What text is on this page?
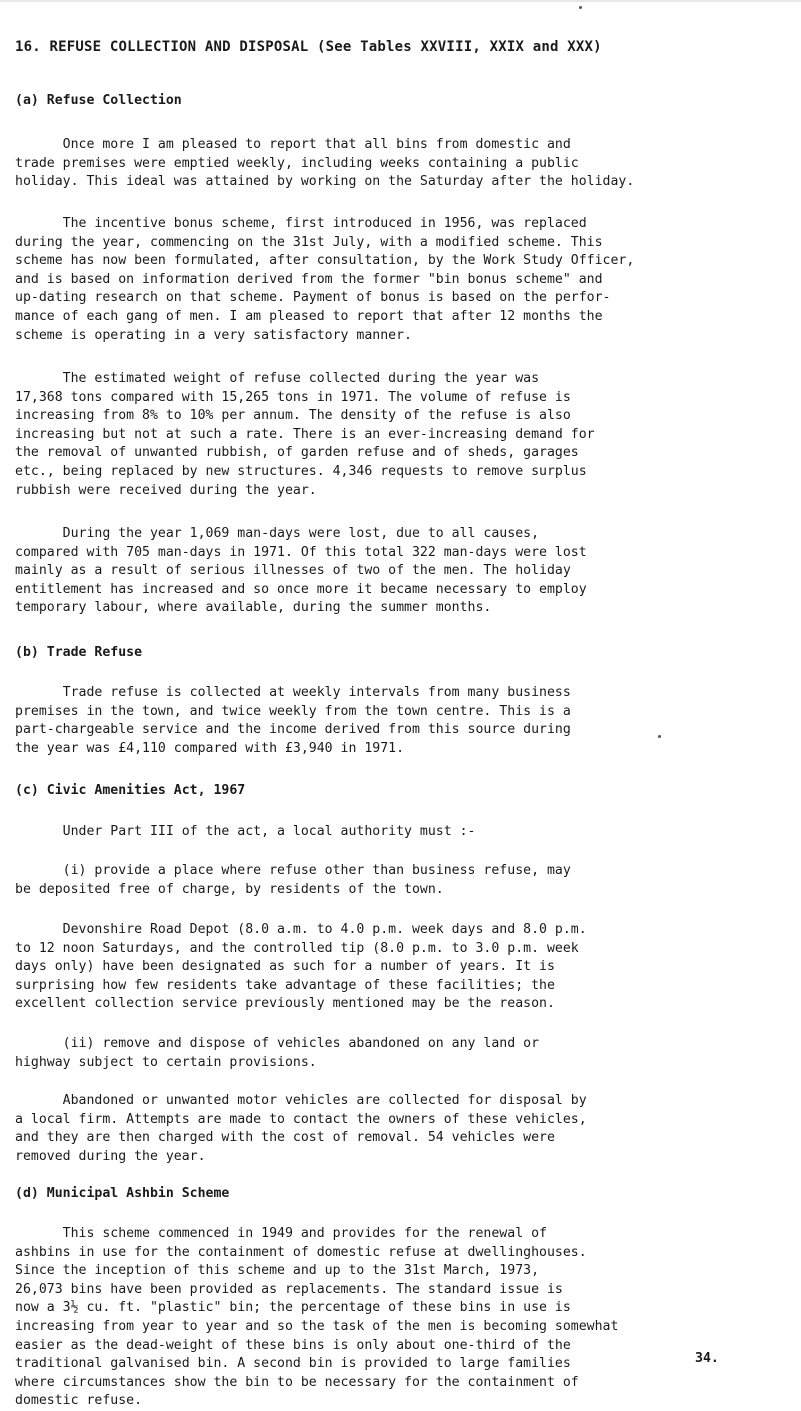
16. REFUSE COLLECTION AND DISPOSAL (See Tables XXVIII, XXIX and XXX)
(a) Refuse Collection
Once more I am pleased to report that all bins from domestic and
trade premises were emptied weekly, including weeks containing a public
holiday. This ideal was attained by working on the Saturday after the holiday.
The incentive bonus scheme, first introduced in 1956, was replaced
during the year, commencing on the 31st July, with a modified scheme. This
scheme has now been formulated, after consultation, by the Work Study Officer,
and is based on information derived from the former "bin bonus scheme" and
up-dating research on that scheme. Payment of bonus is based on the perfor-
mance of each gang of men. I am pleased to report that after 12 months the
scheme is operating in a very satisfactory manner.
The estimated weight of refuse collected during the year was
17,368 tons compared with 15,265 tons in 1971. The volume of refuse is
increasing from 8% to 10% per annum. The density of the refuse is also
increasing but not at such a rate. There is an ever-increasing demand for
the removal of unwanted rubbish, of garden refuse and of sheds, garages
etc., being replaced by new structures. 4,346 requests to remove surplus
rubbish were received during the year.
During the year 1,069 man-days were lost, due to all causes,
compared with 705 man-days in 1971. Of this total 322 man-days were lost
mainly as a result of serious illnesses of two of the men. The holiday
entitlement has increased and so once more it became necessary to employ
temporary labour, where available, during the summer months.
(b) Trade Refuse
Trade refuse is collected at weekly intervals from many business
premises in the town, and twice weekly from the town centre. This is a
part-chargeable service and the income derived from this source during
the year was £4,110 compared with £3,940 in 1971.
(c) Civic Amenities Act, 1967
Under Part III of the act, a local authority must :-
(i) provide a place where refuse other than business refuse, may
be deposited free of charge, by residents of the town.
Devonshire Road Depot (8.0 a.m. to 4.0 p.m. week days and 8.0 p.m.
to 12 noon Saturdays, and the controlled tip (8.0 p.m. to 3.0 p.m. week
days only) have been designated as such for a number of years. It is
surprising how few residents take advantage of these facilities; the
excellent collection service previously mentioned may be the reason.
(ii) remove and dispose of vehicles abandoned on any land or
highway subject to certain provisions.
Abandoned or unwanted motor vehicles are collected for disposal by
a local firm. Attempts are made to contact the owners of these vehicles,
and they are then charged with the cost of removal. 54 vehicles were
removed during the year.
(d) Municipal Ashbin Scheme
This scheme commenced in 1949 and provides for the renewal of
ashbins in use for the containment of domestic refuse at dwellinghouses.
Since the inception of this scheme and up to the 31st March, 1973,
26,073 bins have been provided as replacements. The standard issue is
now a 3½ cu. ft. "plastic" bin; the percentage of these bins in use is
increasing from year to year and so the task of the men is becoming somewhat
easier as the dead-weight of these bins is only about one-third of the
traditional galvanised bin. A second bin is provided to large families
where circumstances show the bin to be necessary for the containment of
domestic refuse.
34.
